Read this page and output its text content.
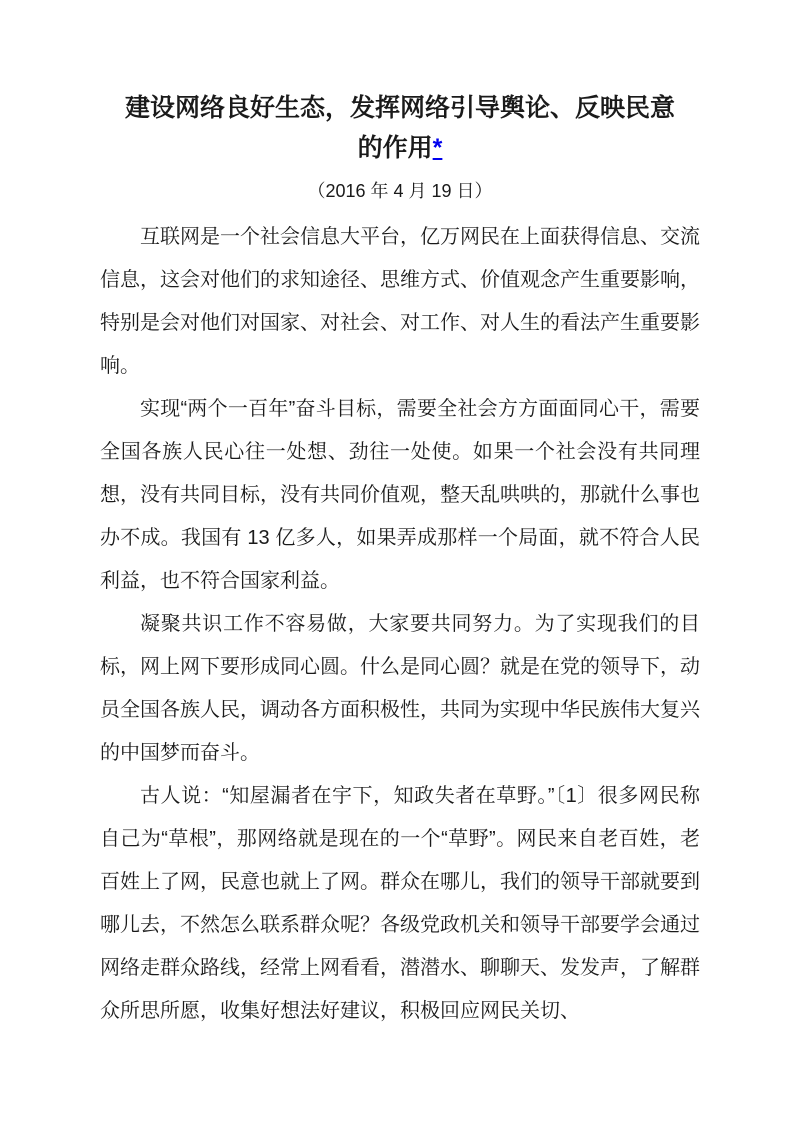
建设网络良好生态，发挥网络引导舆论、反映民意的作用*
（2016 年 4 月 19 日）

互联网是一个社会信息大平台，亿万网民在上面获得信息、交流信息，这会对他们的求知途径、思维方式、价值观念产生重要影响，特别是会对他们对国家、对社会、对工作、对人生的看法产生重要影响。

实现“两个一百年”奋斗目标，需要全社会方方面面同心干，需要全国各族人民心往一处想、劲往一处使。如果一个社会没有共同理想，没有共同目标，没有共同价值观，整天乱哄哄的，那就什么事也办不成。我国有 13 亿多人，如果弄成那样一个局面，就不符合人民利益，也不符合国家利益。

凝聚共识工作不容易做，大家要共同努力。为了实现我们的目标，网上网下要形成同心圆。什么是同心圆？就是在党的领导下，动员全国各族人民，调动各方面积极性，共同为实现中华民族伟大复兴的中国梦而奋斗。

古人说：“知屋漏者在宇下，知政失者在草野。”〔1〕很多网民称自己为“草根”，那网络就是现在的一个“草野”。网民来自老百姓，老百姓上了网，民意也就上了网。群众在哪儿，我们的领导干部就要到哪儿去，不然怎么联系群众呢？各级党政机关和领导干部要学会通过网络走群众路线，经常上网看看，潜潜水、聊聊天、发发声，了解群众所思所愿，收集好想法好建议，积极回应网民关切、
